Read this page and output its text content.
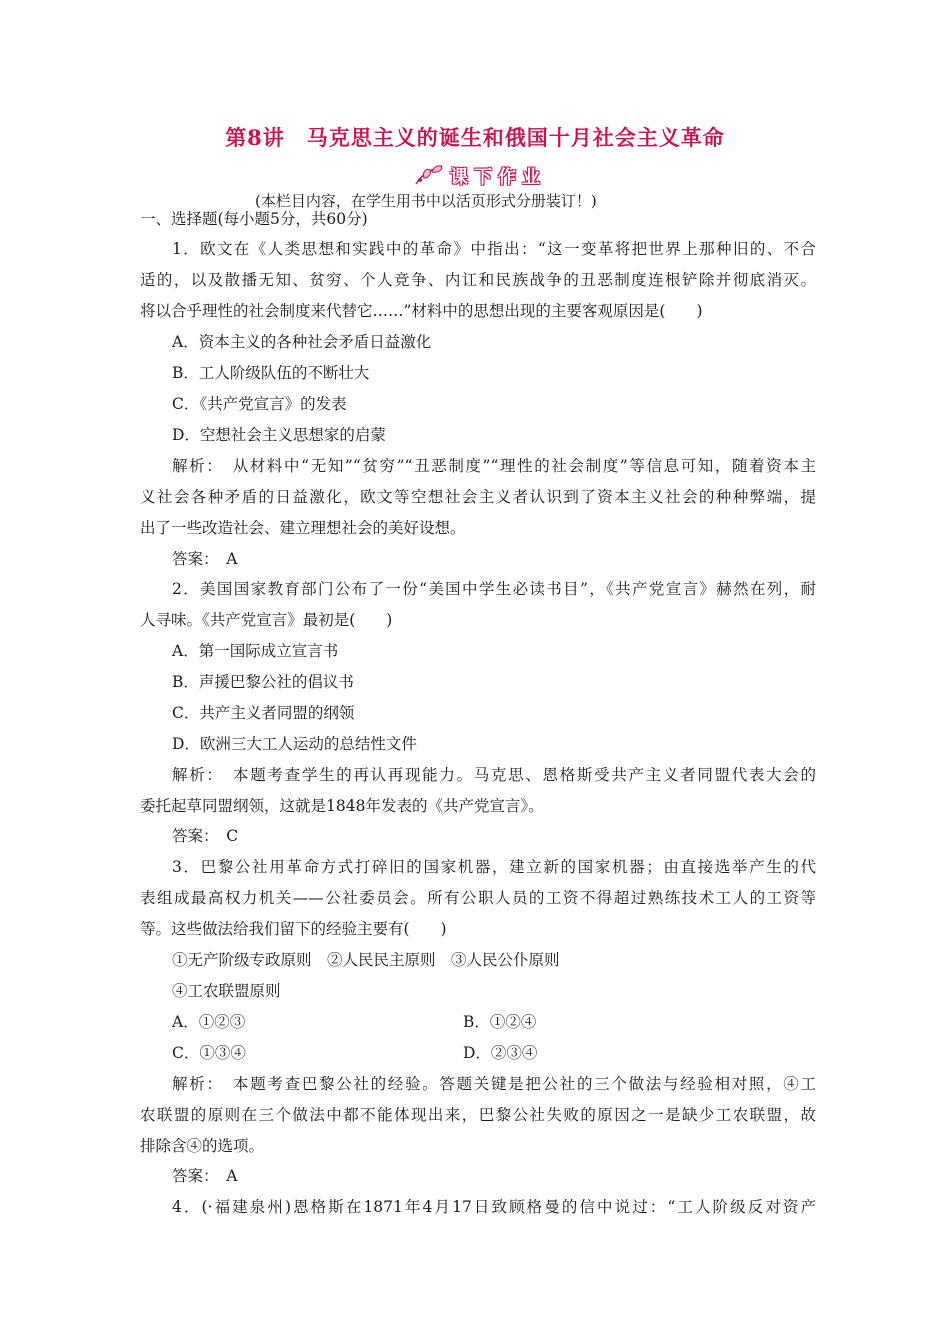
第8讲　马克思主义的诞生和俄国十月社会主义革命
课下作业
(本栏目内容，在学生用书中以活页形式分册装订！)
一、选择题(每小题5分，共60分)
1．欧文在《人类思想和实践中的革命》中指出：“这一变革将把世界上那种旧的、不合
适的，以及散播无知、贫穷、个人竞争、内讧和民族战争的丑恶制度连根铲除并彻底消灭。
将以合乎理性的社会制度来代替它……”材料中的思想出现的主要客观原因是(　　)
A．资本主义的各种社会矛盾日益激化
B．工人阶级队伍的不断壮大
C．《共产党宣言》的发表
D．空想社会主义思想家的启蒙
解析：　从材料中“无知”“贫穷”“丑恶制度”“理性的社会制度”等信息可知，随着资本主
义社会各种矛盾的日益激化，欧文等空想社会主义者认识到了资本主义社会的种种弊端，提
出了一些改造社会、建立理想社会的美好设想。
答案：　A
2．美国国家教育部门公布了一份“美国中学生必读书目”，《共产党宣言》赫然在列，耐
人寻味。《共产党宣言》最初是(　　)
A．第一国际成立宣言书
B．声援巴黎公社的倡议书
C．共产主义者同盟的纲领
D．欧洲三大工人运动的总结性文件
解析：　本题考查学生的再认再现能力。马克思、恩格斯受共产主义者同盟代表大会的
委托起草同盟纲领，这就是1848年发表的《共产党宣言》。
答案：　C
3．巴黎公社用革命方式打碎旧的国家机器，建立新的国家机器；由直接选举产生的代
表组成最高权力机关——公社委员会。所有公职人员的工资不得超过熟练技术工人的工资等
等。这些做法给我们留下的经验主要有(　　)
①无产阶级专政原则　②人民民主原则　③人民公仆原则
④工农联盟原则
A．①②③	B．①②④
C．①③④	D．②③④
解析：　本题考查巴黎公社的经验。答题关键是把公社的三个做法与经验相对照，④工
农联盟的原则在三个做法中都不能体现出来，巴黎公社失败的原因之一是缺少工农联盟，故
排除含④的选项。
答案：　A
4．(·福建泉州)恩格斯在1871年4月17日致顾格曼的信中说过：“工人阶级反对资产
